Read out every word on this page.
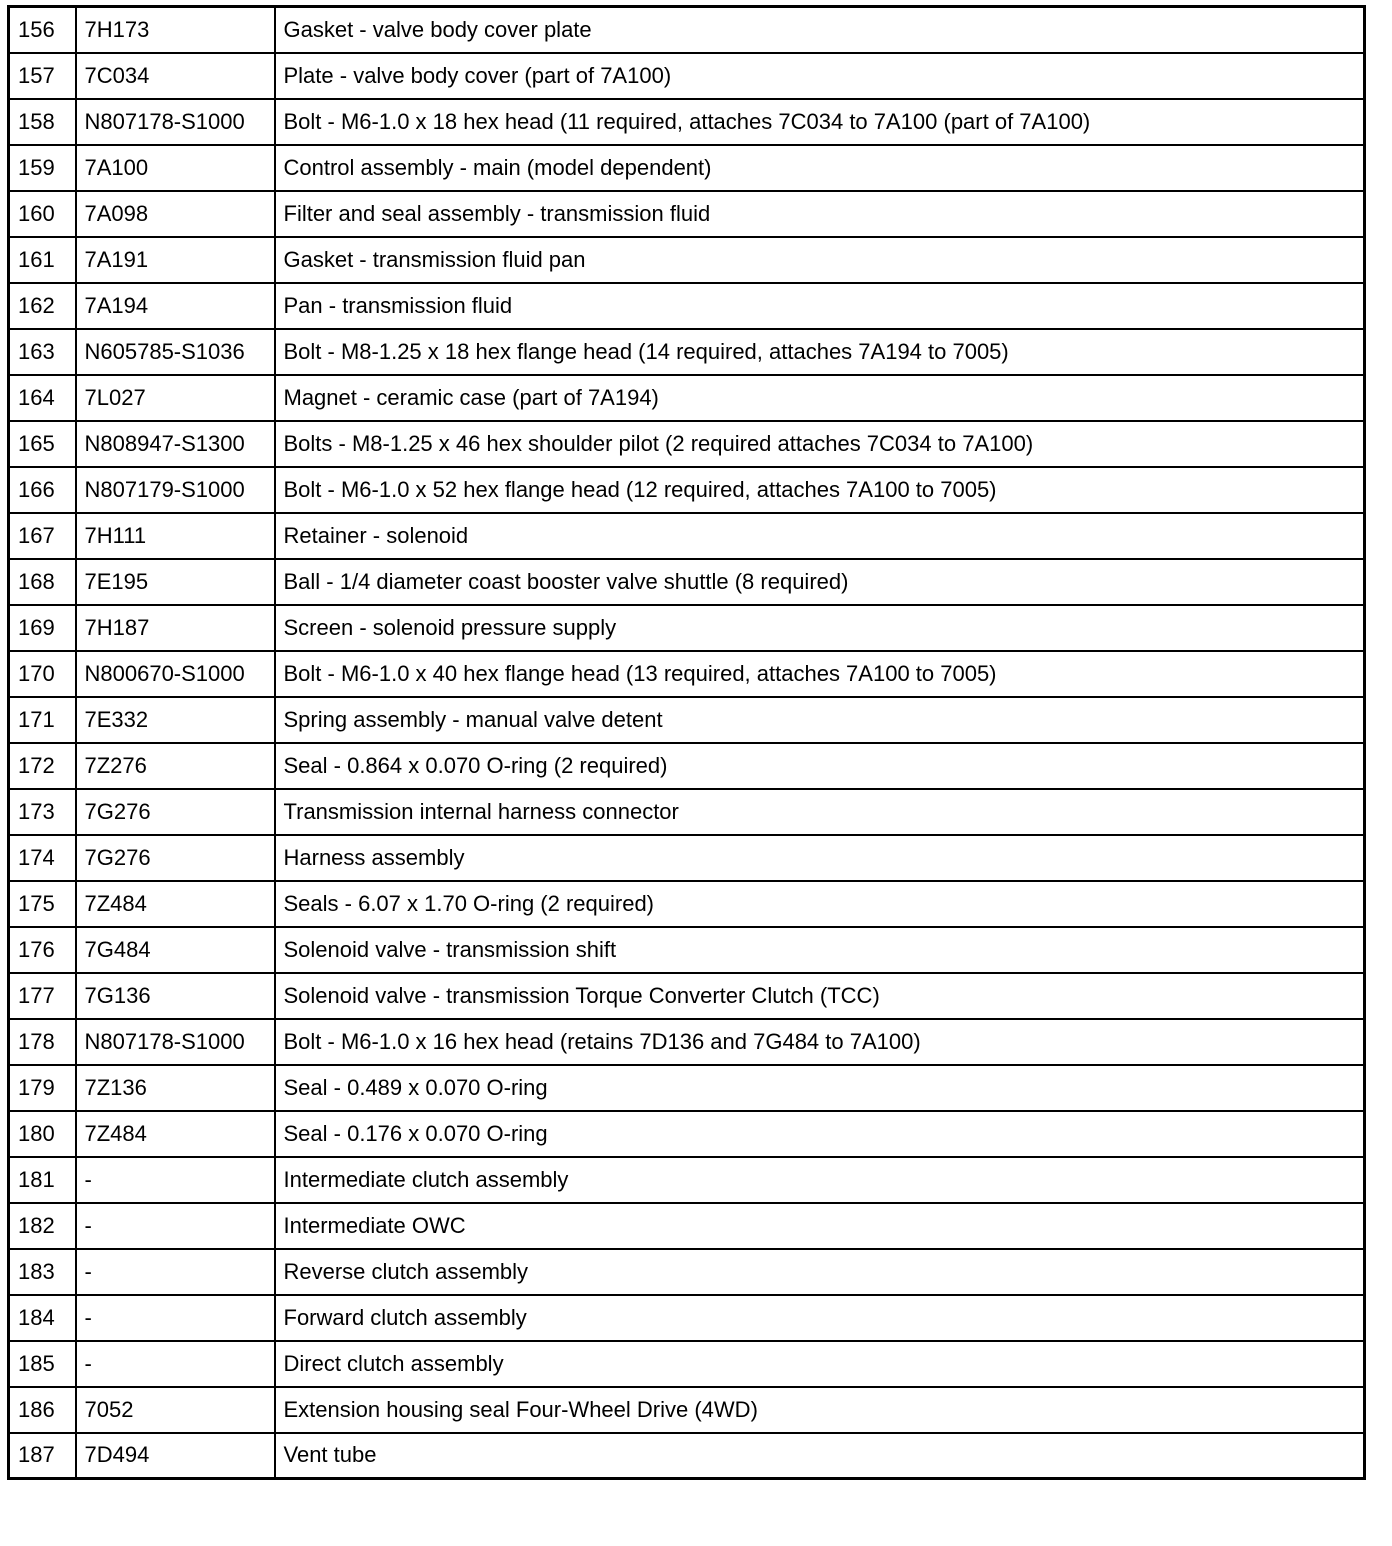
156	7H173	Gasket - valve body cover plate
157	7C034	Plate - valve body cover (part of 7A100)
158	N807178-S1000	Bolt - M6-1.0 x 18 hex head (11 required, attaches 7C034 to 7A100 (part of 7A100)
159	7A100	Control assembly - main (model dependent)
160	7A098	Filter and seal assembly - transmission fluid
161	7A191	Gasket - transmission fluid pan
162	7A194	Pan - transmission fluid
163	N605785-S1036	Bolt - M8-1.25 x 18 hex flange head (14 required, attaches 7A194 to 7005)
164	7L027	Magnet - ceramic case (part of 7A194)
165	N808947-S1300	Bolts - M8-1.25 x 46 hex shoulder pilot (2 required attaches 7C034 to 7A100)
166	N807179-S1000	Bolt - M6-1.0 x 52 hex flange head (12 required, attaches 7A100 to 7005)
167	7H111	Retainer - solenoid
168	7E195	Ball - 1/4 diameter coast booster valve shuttle (8 required)
169	7H187	Screen - solenoid pressure supply
170	N800670-S1000	Bolt - M6-1.0 x 40 hex flange head (13 required, attaches 7A100 to 7005)
171	7E332	Spring assembly - manual valve detent
172	7Z276	Seal - 0.864 x 0.070 O-ring (2 required)
173	7G276	Transmission internal harness connector
174	7G276	Harness assembly
175	7Z484	Seals - 6.07 x 1.70 O-ring (2 required)
176	7G484	Solenoid valve - transmission shift
177	7G136	Solenoid valve - transmission Torque Converter Clutch (TCC)
178	N807178-S1000	Bolt - M6-1.0 x 16 hex head (retains 7D136 and 7G484 to 7A100)
179	7Z136	Seal - 0.489 x 0.070 O-ring
180	7Z484	Seal - 0.176 x 0.070 O-ring
181	-	Intermediate clutch assembly
182	-	Intermediate OWC
183	-	Reverse clutch assembly
184	-	Forward clutch assembly
185	-	Direct clutch assembly
186	7052	Extension housing seal Four-Wheel Drive (4WD)
187	7D494	Vent tube
